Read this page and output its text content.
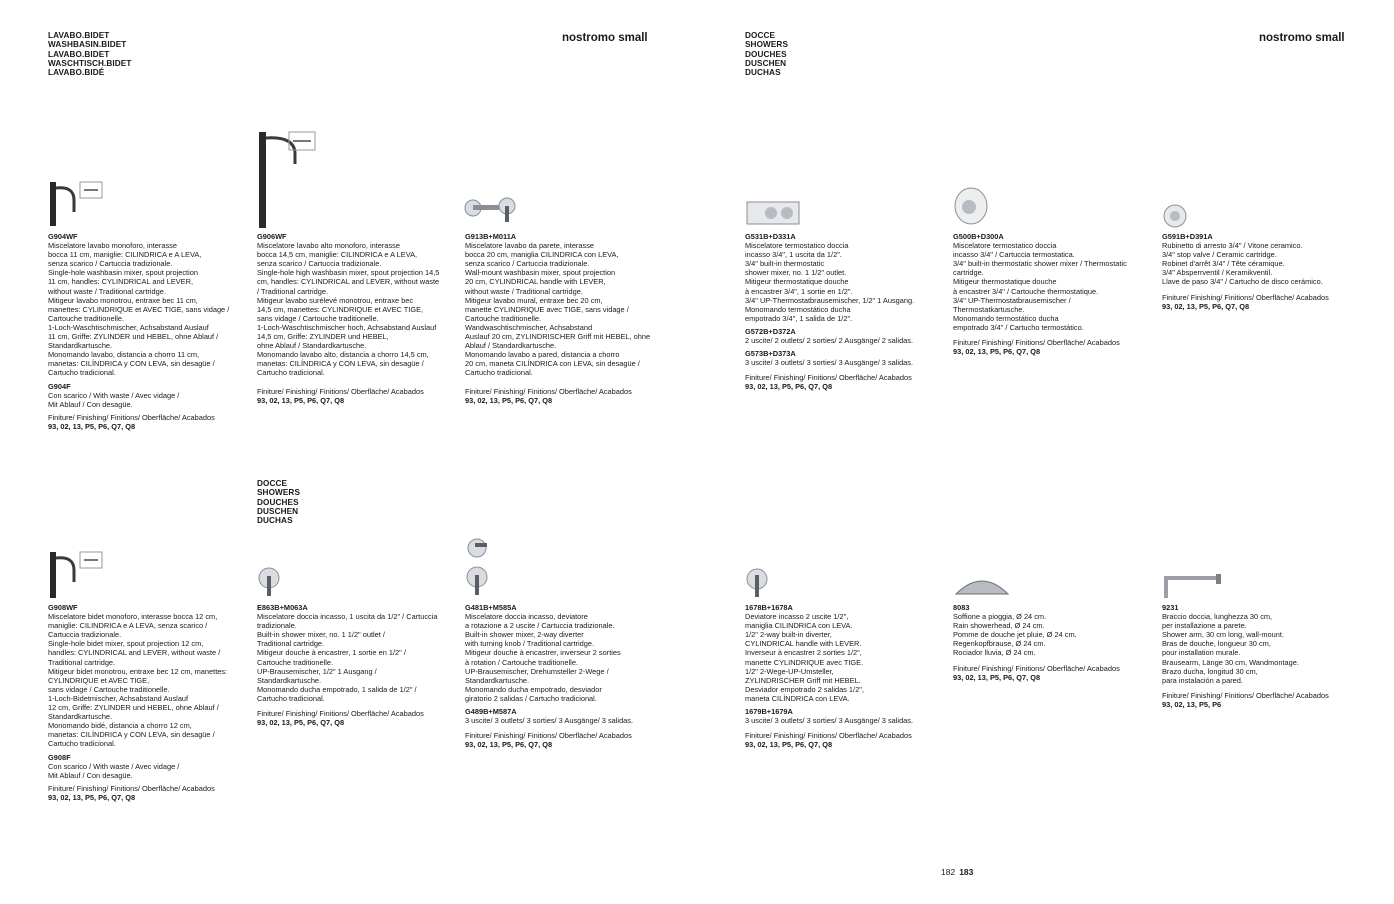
LAVABO.BIDET
WASHBASIN.BIDET
LAVABO.BIDET
WASCHTISCH.BIDET
LAVABO.BIDÉ
nostromo small	DOCCE
SHOWERS
DOUCHES
DUSCHEN
DUCHAS
nostromo small
DOCCE
SHOWERS
DOUCHES
DUSCHEN
DUCHAS
G904WF
Miscelatore lavabo monoforo, interasse
bocca 11 cm, maniglie: CILINDRICA e A LEVA,
senza scarico / Cartuccia tradizionale.
Single-hole washbasin mixer, spout projection
11 cm, handles: CYLINDRICAL and LEVER,
without waste / Traditional cartridge.
Mitigeur lavabo monotrou, entraxe bec 11 cm,
manettes: CYLINDRIQUE et AVEC TIGE, sans vidage /
Cartouche traditionelle.
1-Loch-Waschtischmischer, Achsabstand Auslauf
11 cm, Griffe: ZYLINDER und HEBEL, ohne Ablauf /
Standardkartusche.
Monomando lavabo, distancia a chorro 11 cm,
manetas: CILÍNDRICA y CON LEVA, sin desagüe /
Cartucho tradicional.
G904F
Con scarico / With waste / Avec vidage /
Mit Ablauf / Con desagüe.
Finiture/ Finishing/ Finitions/ Oberfläche/ Acabados
93, 02, 13, P5, P6, Q7, Q8
G906WF
Miscelatore lavabo alto monoforo, interasse
bocca 14,5 cm, maniglie: CILINDRICA e A LEVA,
senza scarico / Cartuccia tradizionale.
Single-hole high washbasin mixer, spout projection 14,5
cm, handles: CYLINDRICAL and LEVER, without waste
/ Traditional cartridge.
Mitigeur lavabo surélevé monotrou, entraxe bec
14,5 cm, manettes: CYLINDRIQUE et AVEC TIGE,
sans vidage / Cartouche traditionelle.
1-Loch-Waschtischmischer hoch, Achsabstand Auslauf
14,5 cm, Griffe: ZYLINDER und HEBEL,
ohne Ablauf / Standardkartusche.
Monomando lavabo alto, distancia a chorro 14,5 cm,
manetas: CILÍNDRICA y CON LEVA, sin desagüe /
Cartucho tradicional.
Finiture/ Finishing/ Finitions/ Oberfläche/ Acabados
93, 02, 13, P5, P6, Q7, Q8
G913B+M011A
Miscelatore lavabo da parete, interasse
bocca 20 cm, maniglia CILINDRICA con LEVA,
senza scarico / Cartuccia tradizionale.
Wall-mount washbasin mixer, spout projection
20 cm, CYLINDRICAL handle with LEVER,
without waste / Traditional cartridge.
Mitigeur lavabo mural, entraxe bec 20 cm,
manette CYLINDRIQUE avec TIGE, sans vidage /
Cartouche traditionelle.
Wandwaschtischmischer, Achsabstand
Auslauf 20 cm, ZYLINDRISCHER Griff mit HEBEL, ohne
Ablauf / Standardkartusche.
Monomando lavabo a pared, distancia a chorro
20 cm, maneta CILÍNDRICA con LEVA, sin desagüe /
Cartucho tradicional.
Finiture/ Finishing/ Finitions/ Oberfläche/ Acabados
93, 02, 13, P5, P6, Q7, Q8
G908WF
Miscelatore bidet monoforo, interasse bocca 12 cm,
maniglie: CILINDRICA e A LEVA, senza scarico /
Cartuccia tradizionale.
Single-hole bidet mixer, spout projection 12 cm,
handles: CYLINDRICAL and LEVER, without waste /
Traditional cartridge.
Mitigeur bidet monotrou, entraxe bec 12 cm, manettes:
CYLINDRIQUE et AVEC TIGE,
sans vidage / Cartouche traditionelle.
1-Loch-Bidetmischer, Achsabstand Auslauf
12 cm, Griffe: ZYLINDER und HEBEL, ohne Ablauf /
Standardkartusche.
Monomando bidé, distancia a chorro 12 cm,
manetas: CILÍNDRICA y CON LEVA, sin desagüe /
Cartucho tradicional.
G908F
Con scarico / With waste / Avec vidage /
Mit Ablauf / Con desagüe.
Finiture/ Finishing/ Finitions/ Oberfläche/ Acabados
93, 02, 13, P5, P6, Q7, Q8
E863B+M063A
Miscelatore doccia incasso, 1 uscita da 1/2" / Cartuccia
tradizionale.
Built-in shower mixer, no. 1 1/2" outlet /
Traditional cartridge.
Mitigeur douche à encastrer, 1 sortie en 1/2" /
Cartouche traditionelle.
UP-Brausemischer, 1/2" 1 Ausgang /
Standardkartusche.
Monomando ducha empotrado, 1 salida de 1/2" /
Cartucho tradicional.
Finiture/ Finishing/ Finitions/ Oberfläche/ Acabados
93, 02, 13, P5, P6, Q7, Q8
G481B+M585A
Miscelatore doccia incasso, deviatore
a rotazione a 2 uscite / Cartuccia tradizionale.
Built-in shower mixer, 2-way diverter
with turning knob / Traditional cartridge.
Mitigeur douche à encastrer, inverseur 2 sorties
à rotation / Cartouche traditionelle.
UP-Brausemischer, Drehumsteller 2-Wege /
Standardkartusche.
Monomando ducha empotrado, desviador
giratorio 2 salidas / Cartucho tradicional.
G489B+M587A
3 uscite/ 3 outlets/ 3 sorties/ 3 Ausgänge/ 3 salidas.
Finiture/ Finishing/ Finitions/ Oberfläche/ Acabados
93, 02, 13, P5, P6, Q7, Q8
G531B+D331A
Miscelatore termostatico doccia
incasso 3/4", 1 uscita da 1/2".
3/4" built-in thermostatic
shower mixer, no. 1 1/2" outlet.
Mitigeur thermostatique douche
à encastrer 3/4", 1 sortie en 1/2".
3/4" UP-Thermostatbrausemischer, 1/2" 1 Ausgang.
Monomando termostático ducha
empotrado 3/4", 1 salida de 1/2".
G572B+D372A
2 uscite/ 2 outlets/ 2 sorties/ 2 Ausgänge/ 2 salidas.
G573B+D373A
3 uscite/ 3 outlets/ 3 sorties/ 3 Ausgänge/ 3 salidas.
Finiture/ Finishing/ Finitions/ Oberfläche/ Acabados
93, 02, 13, P5, P6, Q7, Q8
G500B+D300A
Miscelatore termostatico doccia
incasso 3/4" / Cartuccia termostatica.
3/4" built-in thermostatic shower mixer / Thermostatic
cartridge.
Mitigeur thermostatique douche
à encastrer 3/4" / Cartouche thermostatique.
3/4" UP-Thermostatbrausemischer /
Thermostatkartusche.
Monomando termostático ducha
empotrado 3/4" / Cartucho termostático.
Finiture/ Finishing/ Finitions/ Oberfläche/ Acabados
93, 02, 13, P5, P6, Q7, Q8
G591B+D391A
Rubinetto di arresto 3/4" / Vitone ceramico.
3/4" stop valve / Ceramic cartridge.
Robinet d'arrêt 3/4" / Tête céramique.
3/4" Absperrventil / Keramikventil.
Llave de paso 3/4" / Cartucho de disco cerámico.
Finiture/ Finishing/ Finitions/ Oberfläche/ Acabados
93, 02, 13, P5, P6, Q7, Q8
1678B+1678A
Deviatore incasso 2 uscite 1/2",
maniglia CILINDRICA con LEVA.
1/2" 2-way built-in diverter,
CYLINDRICAL handle with LEVER.
Inverseur à encastrer 2 sorties 1/2",
manette CYLINDRIQUE avec TIGE.
1/2" 2-Wege-UP-Umsteller,
ZYLINDRISCHER Griff mit HEBEL.
Desviador empotrado 2 salidas 1/2",
maneta CILÍNDRICA con LEVA.
1679B+1679A
3 uscite/ 3 outlets/ 3 sorties/ 3 Ausgänge/ 3 salidas.
Finiture/ Finishing/ Finitions/ Oberfläche/ Acabados
93, 02, 13, P5, P6, Q7, Q8
8083
Soffione a pioggia, Ø 24 cm.
Rain showerhead, Ø 24 cm.
Pomme de douche jet pluie, Ø 24 cm.
Regenkopfbrause, Ø 24 cm.
Rociador lluvia, Ø 24 cm.
Finiture/ Finishing/ Finitions/ Oberfläche/ Acabados
93, 02, 13, P5, P6, Q7, Q8
9231
Braccio doccia, lunghezza 30 cm,
per installazione a parete.
Shower arm, 30 cm long, wall-mount.
Bras de douche, longueur 30 cm,
pour installation murale.
Brausearm, Länge 30 cm, Wandmontage.
Brazo ducha, longitud 30 cm,
para instalación a pared.
Finiture/ Finishing/ Finitions/ Oberfläche/ Acabados
93, 02, 13, P5, P6
182 183
